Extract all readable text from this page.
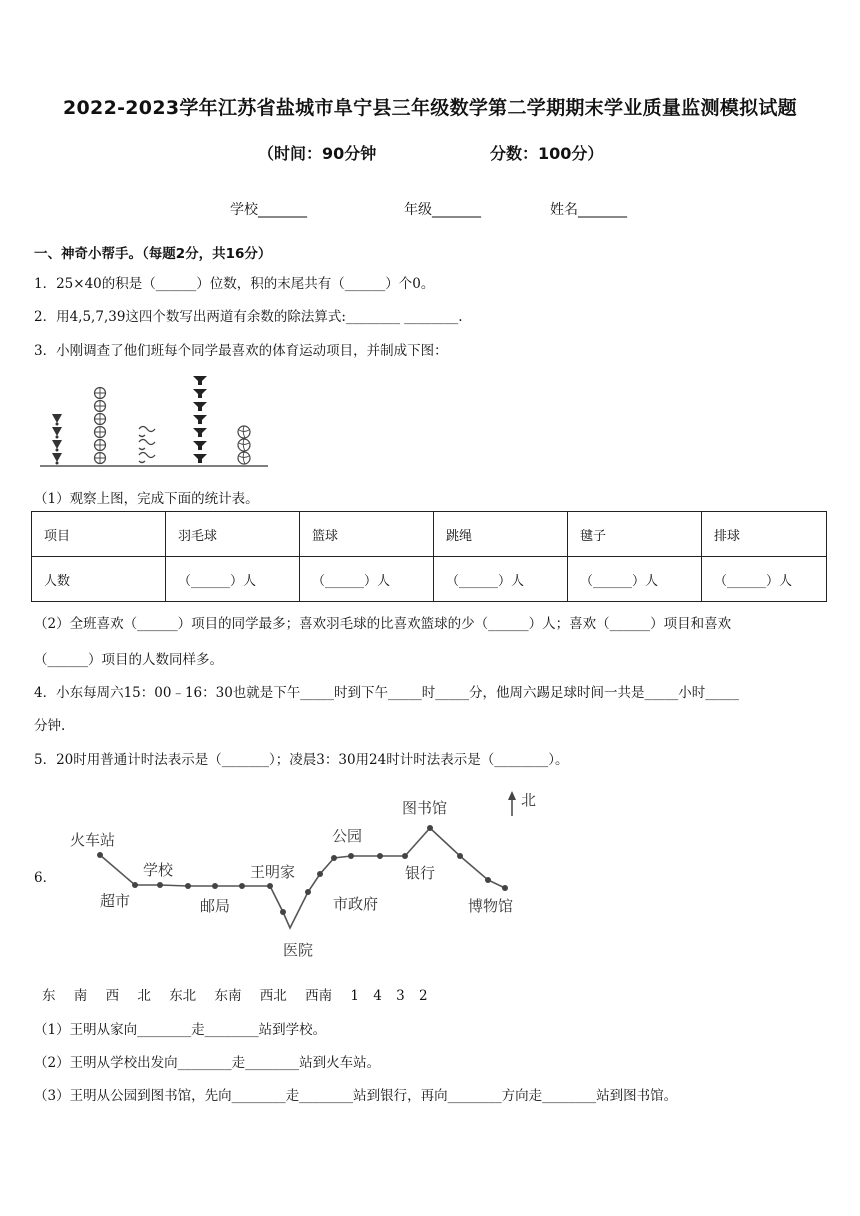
2022-2023学年江苏省盐城市阜宁县三年级数学第二学期期末学业质量监测模拟试题
（时间：90分钟	分数：100分）
学校_______	年级_______	姓名_______
一、神奇小帮手。（每题2分，共16分）
1．25×40的积是（______）位数，积的末尾共有（______）个0。
2．用4,5,7,39这四个数写出两道有余数的除法算式:________ ________.
3．小刚调查了他们班每个同学最喜欢的体育运动项目，并制成下图：
（1）观察上图，完成下面的统计表。
项目	羽毛球	篮球	跳绳	毽子	排球
人数	（______）人	（______）人	（______）人	（______）人	（______）人
（2）全班喜欢（______）项目的同学最多；喜欢羽毛球的比喜欢篮球的少（______）人；喜欢（______）项目和喜欢
（______）项目的人数同样多。
4．小东每周六15：00﹣16：30也就是下午_____时到下午_____时_____分，他周六踢足球时间一共是_____小时_____
分钟.
5．20时用普通计时法表示是（_______）；凌晨3：30用24时计时法表示是（________）。
6．
北
火车站
超市
学校
邮局
王明家
医院
市政府
公园
银行
图书馆
博物馆
东 南 西 北 东北 东南 西北 西南 1 4 3 2
（1）王明从家向________走________站到学校。
（2）王明从学校出发向________走________站到火车站。
（3）王明从公园到图书馆，先向________走________站到银行，再向________方向走________站到图书馆。
